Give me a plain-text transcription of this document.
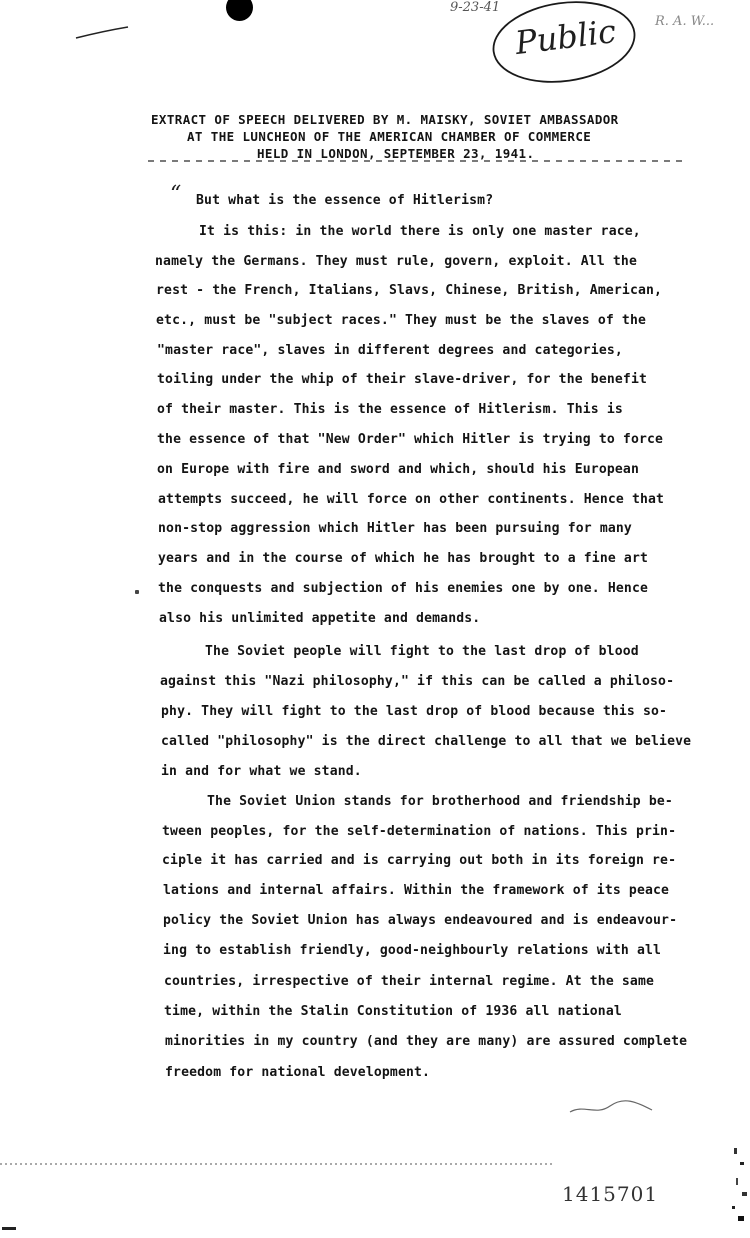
9-23-41
Public	R. A. W...
EXTRACT OF SPEECH DELIVERED BY M. MAISKY, SOVIET AMBASSADOR
AT THE LUNCHEON OF THE AMERICAN CHAMBER OF COMMERCE
HELD IN LONDON, SEPTEMBER 23, 1941.
“ But what is the essence of Hitlerism?
It is this: in the world there is only one master race,
namely the Germans. They must rule, govern, exploit. All the
rest - the French, Italians, Slavs, Chinese, British, American,
etc., must be "subject races." They must be the slaves of the
"master race", slaves in different degrees and categories,
toiling under the whip of their slave-driver, for the benefit
of their master. This is the essence of Hitlerism. This is
the essence of that "New Order" which Hitler is trying to force
on Europe with fire and sword and which, should his European
attempts succeed, he will force on other continents. Hence that
non-stop aggression which Hitler has been pursuing for many
years and in the course of which he has brought to a fine art
the conquests and subjection of his enemies one by one. Hence
also his unlimited appetite and demands.
The Soviet people will fight to the last drop of blood
against this "Nazi philosophy," if this can be called a philoso-
phy. They will fight to the last drop of blood because this so-
called "philosophy" is the direct challenge to all that we believe
in and for what we stand.
The Soviet Union stands for brotherhood and friendship be-
tween peoples, for the self-determination of nations. This prin-
ciple it has carried and is carrying out both in its foreign re-
lations and internal affairs. Within the framework of its peace
policy the Soviet Union has always endeavoured and is endeavour-
ing to establish friendly, good-neighbourly relations with all
countries, irrespective of their internal regime. At the same
time, within the Stalin Constitution of 1936 all national
minorities in my country (and they are many) are assured complete
freedom for national development.
1415701
